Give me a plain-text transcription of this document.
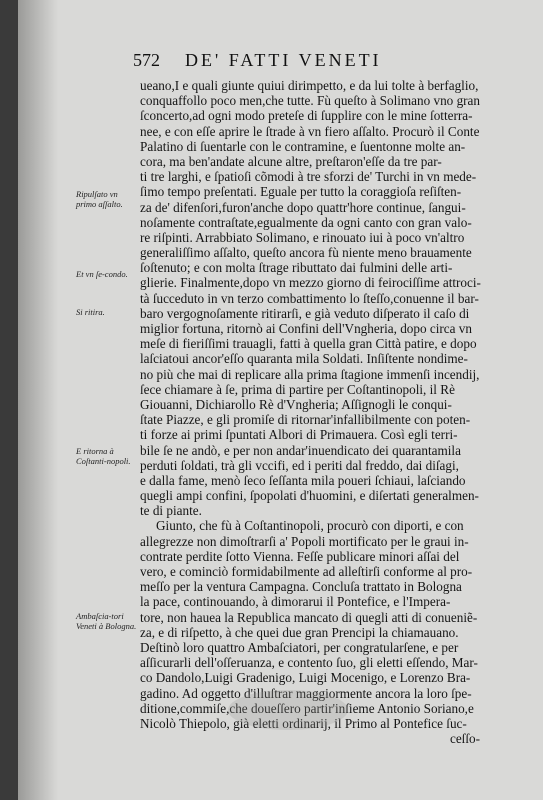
572	DE' FATTI VENETI
ueano,I e quali giunte quiui dirimpetto, e da lui tolte à berfaglio,
conquaffollo poco men,che tutte. Fù queſto à Solimano vno gran
ſconcerto,ad ogni modo preteſe di ſupplire con le mine ſotterra-
nee, e con eſſe aprire le ſtrade à vn fiero aſſalto. Procurò il Conte
Palatino di ſuentarle con le contramine, e ſuentonne molte an-
cora, ma ben'andate alcune altre, preſtaron'eſſe da tre par-
ti tre larghi, e ſpatioſi cõmodi à tre sforzi de' Turchi in vn mede-
ſimo tempo preſentati. Eguale per tutto la coraggioſa reſiſten-
za de' difenſori,furon'anche dopo quattr'hore continue, ſangui-
noſamente contraſtate,egualmente da ogni canto con gran valo-
re riſpinti. Arrabbiato Solimano, e rinouato iui à poco vn'altro
generaliſſimo aſſalto, queſto ancora fù niente meno brauamente
ſoſtenuto; e con molta ſtrage ributtato dai fulmini delle arti-
glierie. Finalmente,dopo vn mezzo giorno di feirociſſime attroci-
tà ſucceduto in vn terzo combattimento lo ſteſſo,conuenne il bar-
baro vergognoſamente ritirarſi, e già veduto diſperato il caſo di
miglior fortuna, ritornò ai Confini dell'Vngheria, dopo circa vn
meſe di fieriſſimi trauagli, fatti à quella gran Città patire, e dopo
laſciatoui ancor'eſſo quaranta mila Soldati. Inſiſtente nondime-
no più che mai di replicare alla prima ſtagione immenſi incendij,
ſece chiamare à ſe, prima di partire per Coſtantinopoli, il Rè
Giouanni, Dichiarollo Rè d'Vngheria; Aſſignogli le conqui-
ſtate Piazze, e gli promiſe di ritornar'infallibilmente con poten-
ti forze ai primi ſpuntati Albori di Primauera. Così egli terri-
bile ſe ne andò, e per non andar'inuendicato dei quarantamila
perduti ſoldati, trà gli vccifi, ed i periti dal freddo, dai diſagi,
e dalla fame, menò ſeco ſeſſanta mila poueri ſchiaui, laſciando
quegli ampi confini, ſpopolati d'huomini, e diſertati generalmen-
te di piante.
Giunto, che fù à Coſtantinopoli, procurò con diporti, e con
allegrezze non dimoſtrarſi a' Popoli mortificato per le graui in-
contrate perdite ſotto Vienna. Feſſe publicare minori aſſai del
vero, e cominciò formidabilmente ad alleſtirſi conforme al pro-
meſſo per la ventura Campagna. Concluſa trattato in Bologna
la pace, continouando, à dimorarui il Pontefice, e l'Impera-
tore, non hauea la Republica mancato di quegli atti di conueniẽ-
za, e di riſpetto, à che quei due gran Prencipi la chiamauano.
Deſtinò loro quattro Ambaſciatori, per congratularſene, e per
aſſicurarli dell'oſſeruanza, e contento ſuo, gli eletti eſſendo, Mar-
co Dandolo,Luigi Gradenigo, Luigi Mocenigo, e Lorenzo Bra-
gadino. Ad oggetto d'illuſtrar maggiormente ancora la loro ſpe-
ditione,commiſe,che doueſſero partir'inſieme Antonio Soriano,e
Nicolò Thiepolo, già eletti ordinarij, il Primo al Pontefice ſuc-
ceſſo-
Ripulſato vn primo aſſalto.
Et vn ſe-condo.
Si ritira.
E ritorna à Coſtanti-nopoli.
Ambaſcia-tori Veneti à Bologna.
